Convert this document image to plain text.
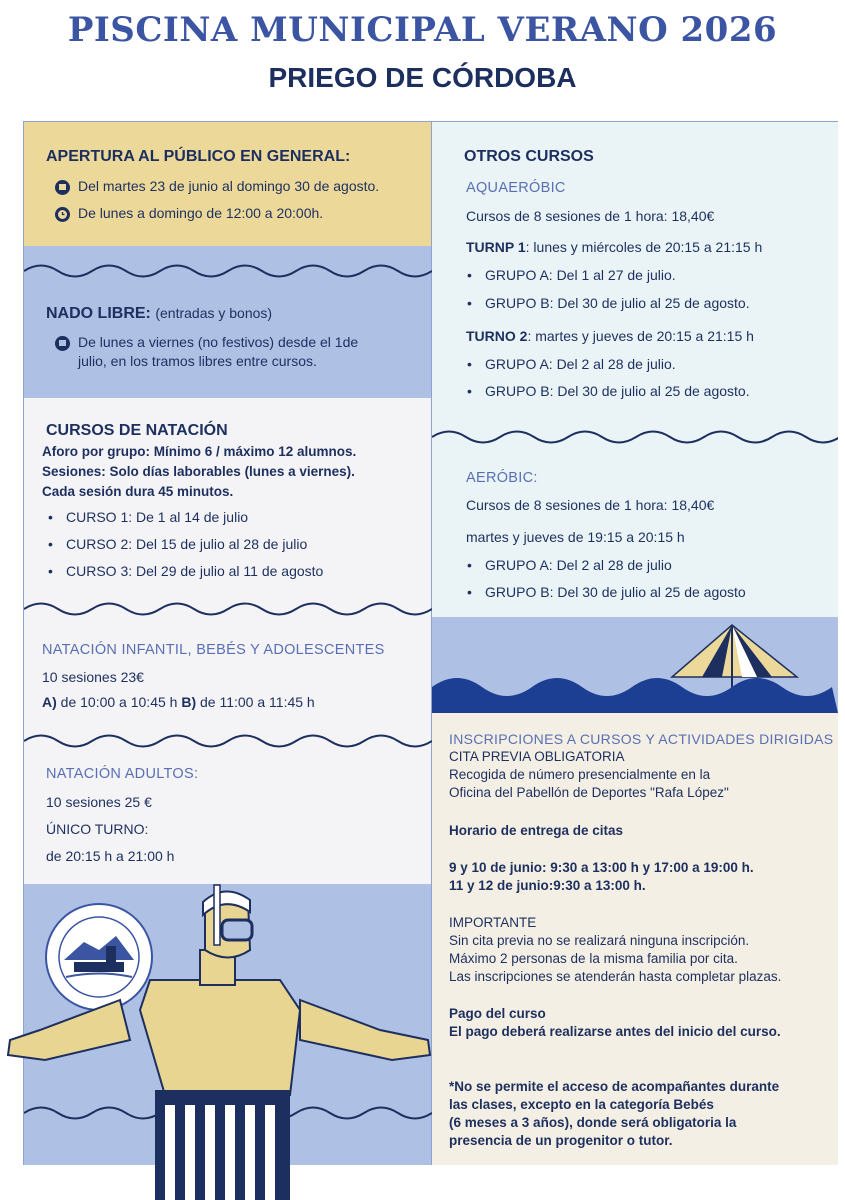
PISCINA MUNICIPAL VERANO 2026
PRIEGO DE CÓRDOBA
APERTURA AL PÚBLICO EN GENERAL:
Del martes 23 de junio al domingo 30 de agosto.
De lunes a domingo de 12:00 a 20:00h.
NADO LIBRE: (entradas y bonos)
De lunes a viernes (no festivos) desde el 1de
julio, en los tramos libres entre cursos.
CURSOS DE NATACIÓN
Aforo por grupo: Mínimo 6 / máximo 12 alumnos.
Sesiones: Solo días laborables (lunes a viernes).
Cada sesión dura 45 minutos.
• CURSO 1: De 1 al 14 de julio
• CURSO 2: Del 15 de julio al 28 de julio
• CURSO 3: Del 29 de julio al 11 de agosto
NATACIÓN INFANTIL, BEBÉS Y ADOLESCENTES
10 sesiones 23€
A) de 10:00 a 10:45 h B) de 11:00 a 11:45 h
NATACIÓN ADULTOS:
10 sesiones 25 €
ÚNICO TURNO:
de 20:15 h a 21:00 h
OTROS CURSOS
AQUAERÓBIC
Cursos de 8 sesiones de 1 hora: 18,40€
TURNP 1: lunes y miércoles de 20:15 a 21:15 h
• GRUPO A: Del 1 al 27 de julio.
• GRUPO B: Del 30 de julio al 25 de agosto.
TURNO 2: martes y jueves de 20:15 a 21:15 h
• GRUPO A: Del 2 al 28 de julio.
• GRUPO B: Del 30 de julio al 25 de agosto.
AERÓBIC:
Cursos de 8 sesiones de 1 hora: 18,40€
martes y jueves de 19:15 a 20:15 h
• GRUPO A: Del 2 al 28 de julio
• GRUPO B: Del 30 de julio al 25 de agosto
INSCRIPCIONES A CURSOS Y ACTIVIDADES DIRIGIDAS
CITA PREVIA OBLIGATORIA
Recogida de número presencialmente en la
Oficina del Pabellón de Deportes "Rafa López"
Horario de entrega de citas
9 y 10 de junio: 9:30 a 13:00 h y 17:00 a 19:00 h.
11 y 12 de junio:9:30 a 13:00 h.
IMPORTANTE
Sin cita previa no se realizará ninguna inscripción.
Máximo 2 personas de la misma familia por cita.
Las inscripciones se atenderán hasta completar plazas.
Pago del curso
El pago deberá realizarse antes del inicio del curso.
*No se permite el acceso de acompañantes durante
las clases, excepto en la categoría Bebés
(6 meses a 3 años), donde será obligatoria la
presencia de un progenitor o tutor.
